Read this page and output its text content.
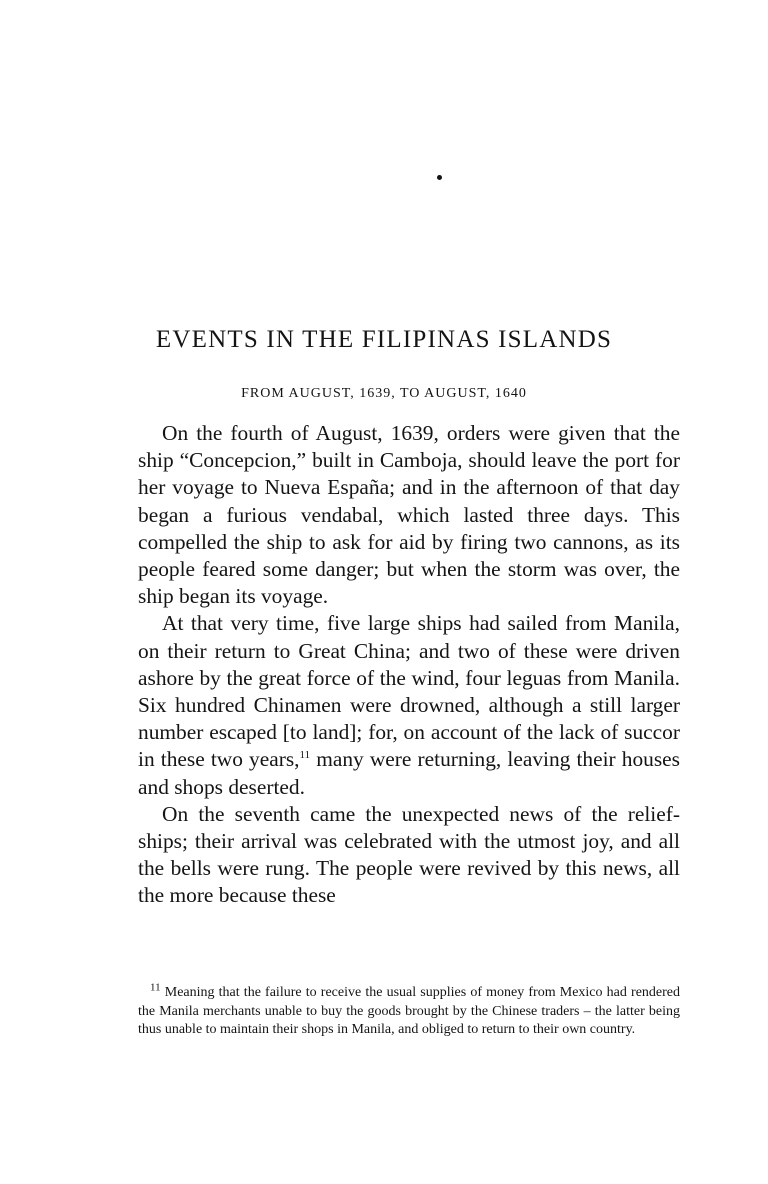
EVENTS IN THE FILIPINAS ISLANDS
FROM AUGUST, 1639, TO AUGUST, 1640

On the fourth of August, 1639, orders were given that the ship “Concepcion,” built in Camboja, should leave the port for her voyage to Nueva España; and in the afternoon of that day began a furious vendabal, which lasted three days. This compelled the ship to ask for aid by firing two cannons, as its people feared some danger; but when the storm was over, the ship began its voyage.

At that very time, five large ships had sailed from Manila, on their return to Great China; and two of these were driven ashore by the great force of the wind, four leguas from Manila. Six hundred Chinamen were drowned, although a still larger number escaped [to land]; for, on account of the lack of succor in these two years,$^{11}$ many were returning, leaving their houses and shops deserted.

On the seventh came the unexpected news of the relief-ships; their arrival was celebrated with the utmost joy, and all the bells were rung. The people were revived by this news, all the more because these

$^{11}$ Meaning that the failure to receive the usual supplies of money from Mexico had rendered the Manila merchants unable to buy the goods brought by the Chinese traders – the latter being thus unable to maintain their shops in Manila, and obliged to return to their own country.
